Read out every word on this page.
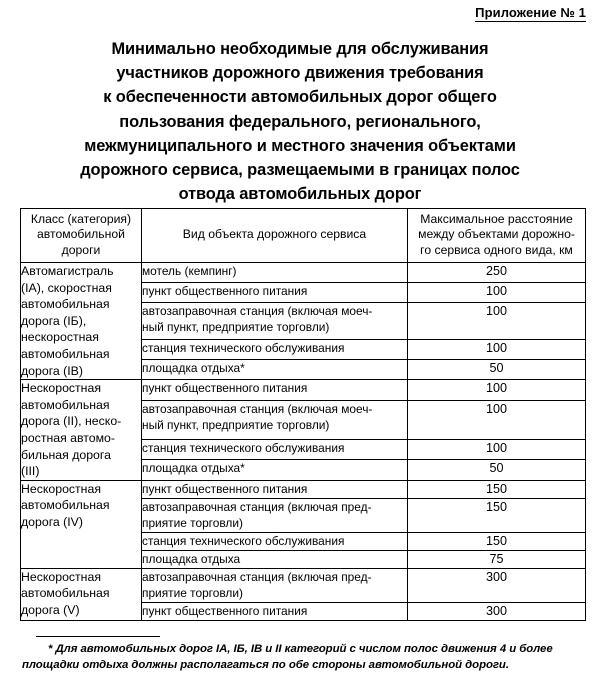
Приложение № 1
Минимально необходимые для обслуживания
участников дорожного движения требования
к обеспеченности автомобильных дорог общего
пользования федерального, регионального,
межмуниципального и местного значения объектами
дорожного сервиса, размещаемыми в границах полос
отвода автомобильных дорог
Класс (категория)
автомобильной
дороги	Вид объекта дорожного сервиса	Максимальное расстояние
между объектами дорожно-
го сервиса одного вида, км
Автомагистраль
(IA), скоростная
автомобильная
дорога (IБ),
нескоростная
автомобильная
дорога (IB)	мотель (кемпинг)	250
	пункт общественного питания	100
	автозаправочная станция (включая моеч-
ный пункт, предприятие торговли)	100
	станция технического обслуживания	100
	площадка отдыха*	50
Нескоростная
автомобильная
дорога (II), неско-
ростная автомо-
бильная дорога
(III)	пункт общественного питания	100
	автозаправочная станция (включая моеч-
ный пункт, предприятие торговли)	100
	станция технического обслуживания	100
	площадка отдыха*	50
Нескоростная
автомобильная
дорога (IV)	пункт общественного питания	150
	автозаправочная станция (включая пред-
приятие торговли)	150
	станция технического обслуживания	150
	площадка отдыха	75
Нескоростная
автомобильная
дорога (V)	автозаправочная станция (включая пред-
приятие торговли)	300
	пункт общественного питания	300
* Для автомобильных дорог IA, IБ, IB и II категорий с числом полос движения 4 и более
площадки отдыха должны располагаться по обе стороны автомобильной дороги.
